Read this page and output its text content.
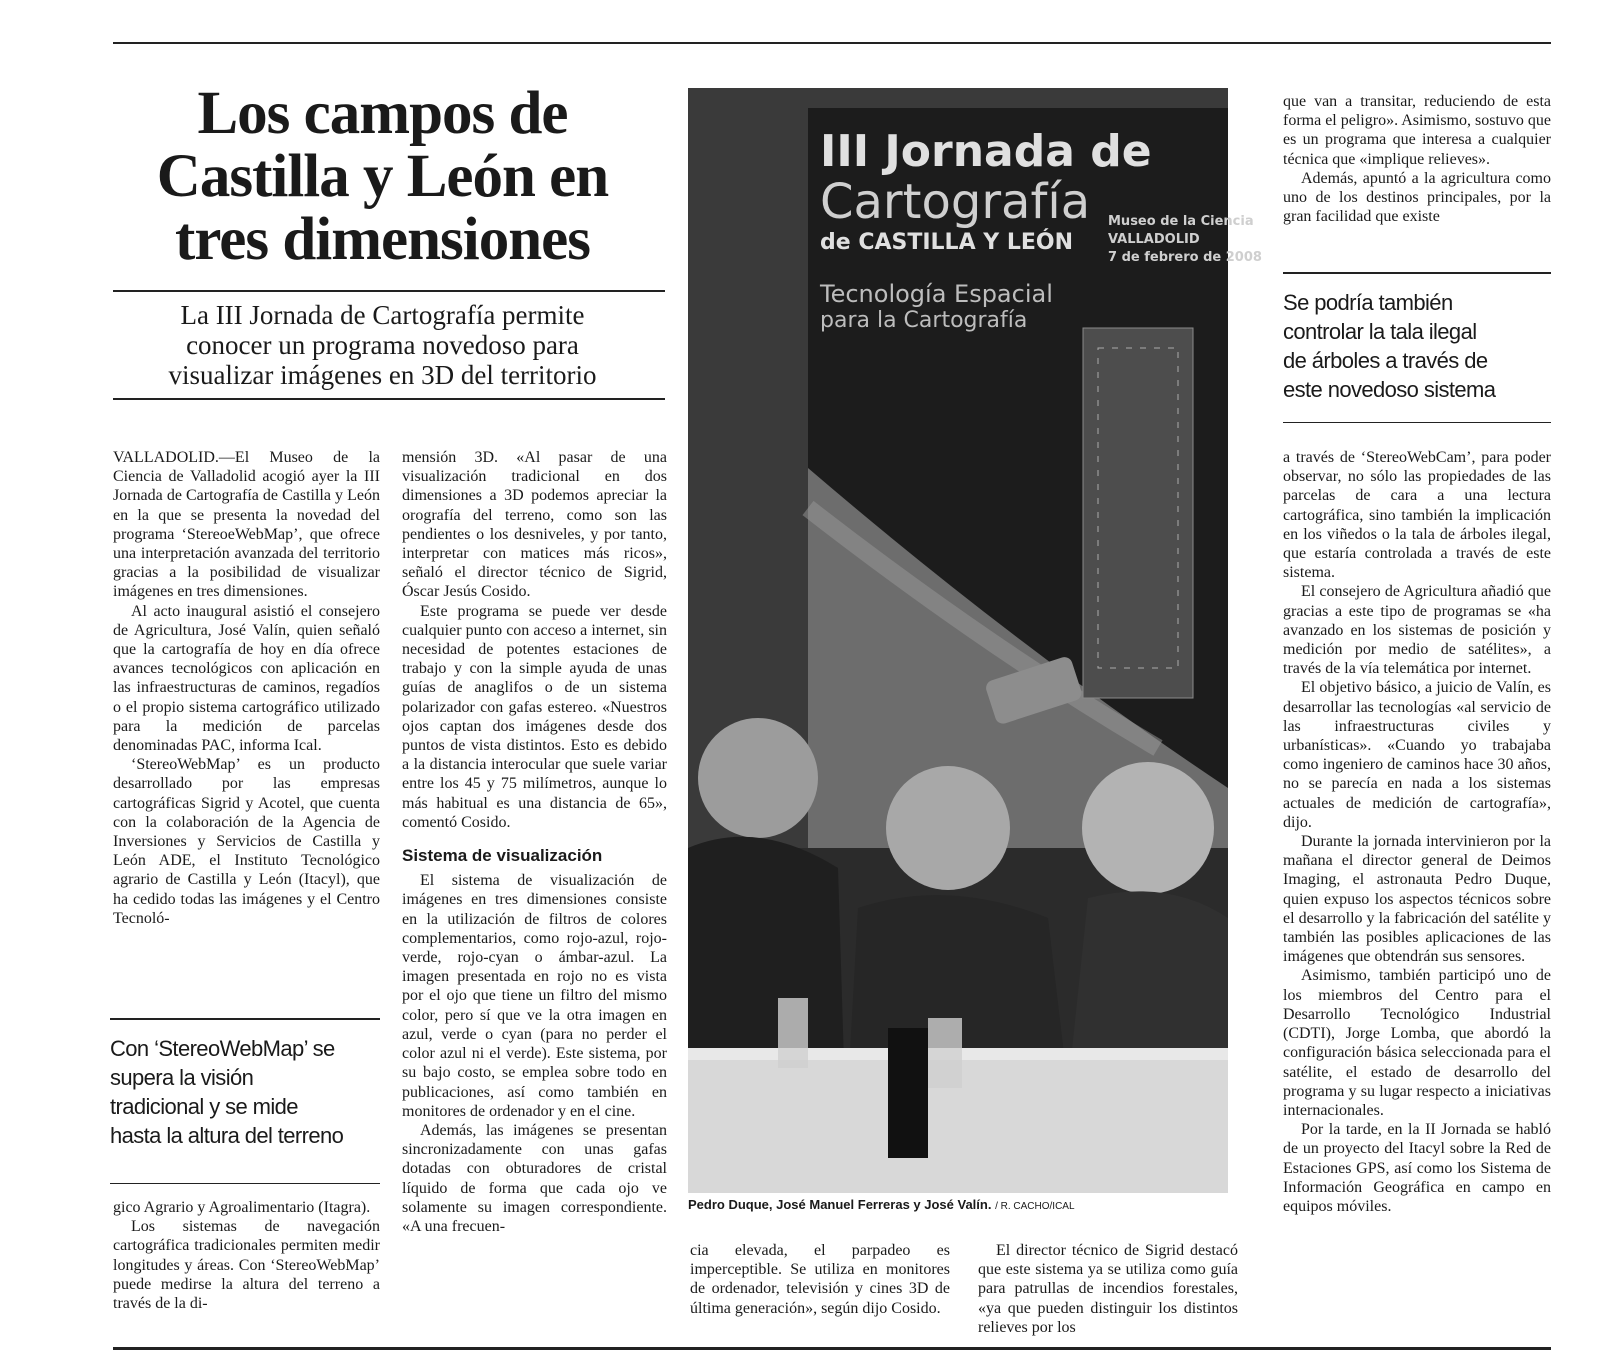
Los campos de
Castilla y León en
tres dimensiones
La III Jornada de Cartografía permite
conocer un programa novedoso para
visualizar imágenes en 3D del territorio

VALLADOLID.—El Museo de la Ciencia de Valladolid acogió ayer la III Jornada de Cartografía de Castilla y León en la que se presenta la novedad del programa ‘StereoeWebMap’, que ofrece una interpretación avanzada del territorio gracias a la posibilidad de visualizar imágenes en tres dimensiones.

Al acto inaugural asistió el consejero de Agricultura, José Valín, quien señaló que la cartografía de hoy en día ofrece avances tecnológicos con aplicación en las infraestructuras de caminos, regadíos o el propio sistema cartográfico utilizado para la medición de parcelas denominadas PAC, informa Ical.

‘StereoWebMap’ es un producto desarrollado por las empresas cartográficas Sigrid y Acotel, que cuenta con la colaboración de la Agencia de Inversiones y Servicios de Castilla y León ADE, el Instituto Tecnológico agrario de Castilla y León (Itacyl), que ha cedido todas las imágenes y el Centro Tecnoló-

Con ‘StereoWebMap’ se
supera la visión
tradicional y se mide
hasta la altura del terreno

gico Agrario y Agroalimentario (Itagra).

Los sistemas de navegación cartográfica tradicionales permiten medir longitudes y áreas. Con ‘StereoWebMap’ puede medirse la altura del terreno a través de la di-

mensión 3D. «Al pasar de una visualización tradicional en dos dimensiones a 3D podemos apreciar la orografía del terreno, como son las pendientes o los desniveles, y por tanto, interpretar con matices más ricos», señaló el director técnico de Sigrid, Óscar Jesús Cosido.

Este programa se puede ver desde cualquier punto con acceso a internet, sin necesidad de potentes estaciones de trabajo y con la simple ayuda de unas guías de anaglifos o de un sistema polarizador con gafas estereo. «Nuestros ojos captan dos imágenes desde dos puntos de vista distintos. Esto es debido a la distancia interocular que suele variar entre los 45 y 75 milímetros, aunque lo más habitual es una distancia de 65», comentó Cosido.

Sistema de visualización

El sistema de visualización de imágenes en tres dimensiones consiste en la utilización de filtros de colores complementarios, como rojo-azul, rojo-verde, rojo-cyan o ámbar-azul. La imagen presentada en rojo no es vista por el ojo que tiene un filtro del mismo color, pero sí que ve la otra imagen en azul, verde o cyan (para no perder el color azul ni el verde). Este sistema, por su bajo costo, se emplea sobre todo en publicaciones, así como también en monitores de ordenador y en el cine.

Además, las imágenes se presentan sincronizadamente con unas gafas dotadas con obturadores de cristal líquido de forma que cada ojo ve solamente su imagen correspondiente. «A una frecuen-

III Jornada de
Cartografía
de CASTILLA Y LEÓN
Tecnología Espacial
para la Cartografía
Museo de la Ciencia
VALLADOLID
7 de febrero de 2008
Pedro Duque, José Manuel Ferreras y José Valín. / R. CACHO/ICAL

cia elevada, el parpadeo es imperceptible. Se utiliza en monitores de ordenador, televisión y cines 3D de última generación», según dijo Cosido.

El director técnico de Sigrid destacó que este sistema ya se utiliza como guía para patrullas de incendios forestales, «ya que pueden distinguir los distintos relieves por los

que van a transitar, reduciendo de esta forma el peligro». Asimismo, sostuvo que es un programa que interesa a cualquier técnica que «implique relieves».

Además, apuntó a la agricultura como uno de los destinos principales, por la gran facilidad que existe

Se podría también
controlar la tala ilegal
de árboles a través de
este novedoso sistema

a través de ‘StereoWebCam’, para poder observar, no sólo las propiedades de las parcelas de cara a una lectura cartográfica, sino también la implicación en los viñedos o la tala de árboles ilegal, que estaría controlada a través de este sistema.

El consejero de Agricultura añadió que gracias a este tipo de programas se «ha avanzado en los sistemas de posición y medición por medio de satélites», a través de la vía telemática por internet.

El objetivo básico, a juicio de Valín, es desarrollar las tecnologías «al servicio de las infraestructuras civiles y urbanísticas». «Cuando yo trabajaba como ingeniero de caminos hace 30 años, no se parecía en nada a los sistemas actuales de medición de cartografía», dijo.

Durante la jornada intervinieron por la mañana el director general de Deimos Imaging, el astronauta Pedro Duque, quien expuso los aspectos técnicos sobre el desarrollo y la fabricación del satélite y también las posibles aplicaciones de las imágenes que obtendrán sus sensores.

Asimismo, también participó uno de los miembros del Centro para el Desarrollo Tecnológico Industrial (CDTI), Jorge Lomba, que abordó la configuración básica seleccionada para el satélite, el estado de desarrollo del programa y su lugar respecto a iniciativas internacionales.

Por la tarde, en la II Jornada se habló de un proyecto del Itacyl sobre la Red de Estaciones GPS, así como los Sistema de Información Geográfica en campo en equipos móviles.
